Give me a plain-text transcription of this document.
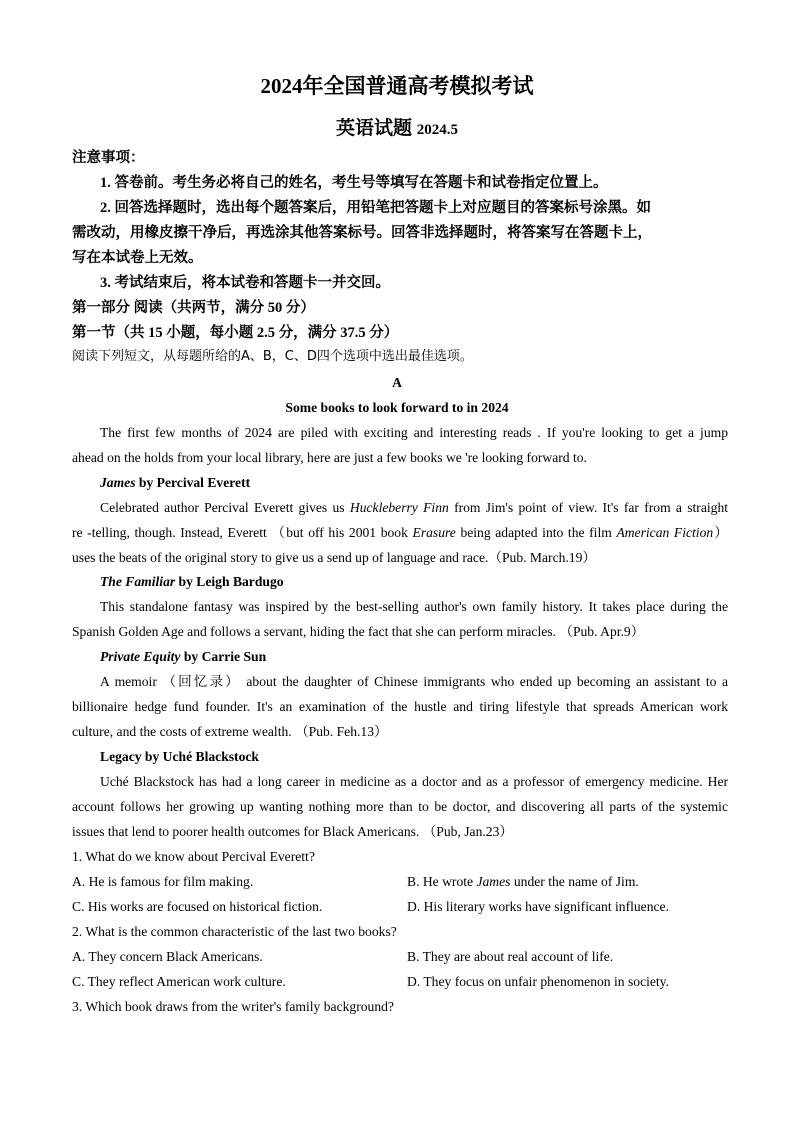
2024年全国普通高考模拟考试
英语试题 2024.5
注意事项：
1. 答卷前。考生务必将自己的姓名，考生号等填写在答题卡和试卷指定位置上。
2. 回答选择题时，选出每个题答案后，用铅笔把答题卡上对应题目的答案标号涂黑。如
需改动，用橡皮擦干净后，再选涂其他答案标号。回答非选择题时，将答案写在答题卡上，
写在本试卷上无效。
3. 考试结束后，将本试卷和答题卡一并交回。
第一部分 阅读（共两节，满分 50 分）
第一节（共 15 小题，每小题 2.5 分，满分 37.5 分）
阅读下列短文，从每题所给的A、B，C、D四个选项中选出最佳选项。
A
Some books to look forward to in 2024
The first few months of 2024 are piled with exciting and interesting reads . If you're looking to get a jump
ahead on the holds from your local library, here are just a few books we 're looking forward to.
James by Percival Everett
Celebrated author Percival Everett gives us Huckleberry Finn from Jim's point of view. It's far from a straight
re -telling, though. Instead, Everett （but off his 2001 book Erasure being adapted into the film American Fiction）
uses the beats of the original story to give us a send up of language and race.（Pub. March.19）
The Familiar by Leigh Bardugo
This standalone fantasy was inspired by the best-selling author's own family history. It takes place during the
Spanish Golden Age and follows a servant, hiding the fact that she can perform miracles. （Pub. Apr.9）
Private Equity by Carrie Sun
A memoir （回忆录） about the daughter of Chinese immigrants who ended up becoming an assistant to a
billionaire hedge fund founder. It's an examination of the hustle and tiring lifestyle that spreads American work
culture, and the costs of extreme wealth. （Pub. Feh.13）
Legacy by Uché Blackstock
Uché Blackstock has had a long career in medicine as a doctor and as a professor of emergency medicine. Her
account follows her growing up wanting nothing more than to be doctor, and discovering all parts of the systemic
issues that lend to poorer health outcomes for Black Americans. （Pub, Jan.23）
1. What do we know about Percival Everett?
A. He is famous for film making.	B. He wrote James under the name of Jim.
C. His works are focused on historical fiction.	D. His literary works have significant influence.
2. What is the common characteristic of the last two books?
A. They concern Black Americans.	B. They are about real account of life.
C. They reflect American work culture.	D. They focus on unfair phenomenon in society.
3. Which book draws from the writer's family background?
